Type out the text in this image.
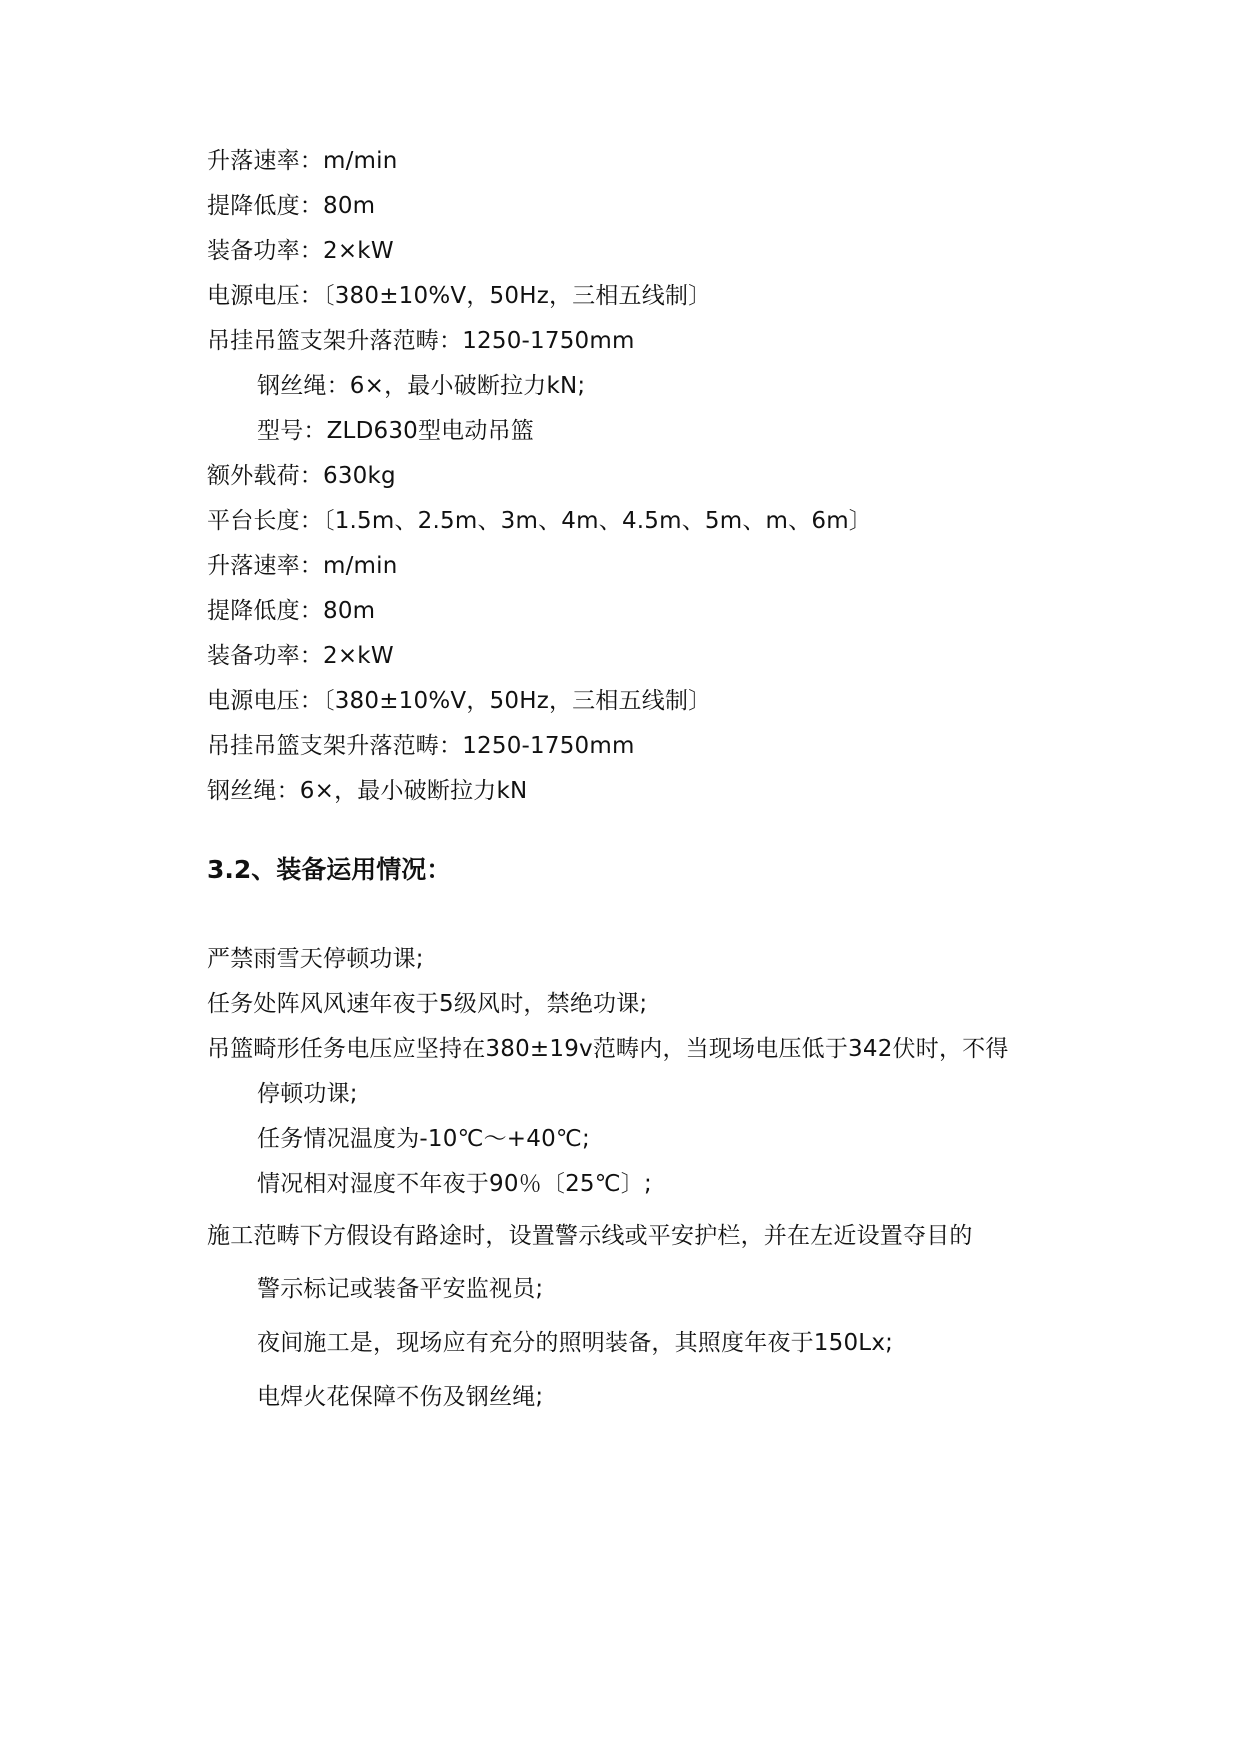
升落速率：m/min
提降低度：80m
装备功率：2×kW
电源电压：〔380±10%V，50Hz，三相五线制〕
吊挂吊篮支架升落范畴：1250-1750mm
钢丝绳：6×，最小破断拉力kN;
型号：ZLD630型电动吊篮
额外载荷：630kg
平台长度：〔1.5m、2.5m、3m、4m、4.5m、5m、m、6m〕
升落速率：m/min
提降低度：80m
装备功率：2×kW
电源电压：〔380±10%V，50Hz，三相五线制〕
吊挂吊篮支架升落范畴：1250-1750mm
钢丝绳：6×，最小破断拉力kN
3.2、装备运用情况：
严禁雨雪天停顿功课;
任务处阵风风速年夜于5级风时，禁绝功课;
吊篮畸形任务电压应坚持在380±19v范畴内，当现场电压低于342伏时，不得
停顿功课;
任务情况温度为-10℃～+40℃;
情况相对湿度不年夜于90％〔25℃〕;
施工范畴下方假设有路途时，设置警示线或平安护栏，并在左近设置夺目的
警示标记或装备平安监视员;
夜间施工是，现场应有充分的照明装备，其照度年夜于150Lx;
电焊火花保障不伤及钢丝绳;
